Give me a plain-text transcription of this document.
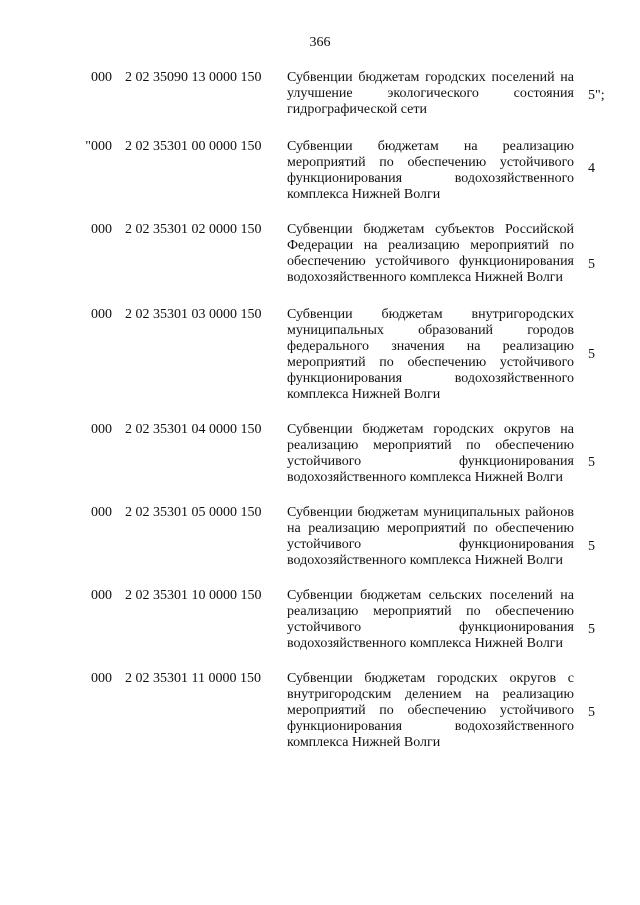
366
000 2 02 35090 13 0000 150
5";
Субвенции бюджетам городских поселений на улучшение экологического состояния гидрографической сети
"000 2 02 35301 00 0000 150
4
Субвенции бюджетам на реализацию мероприятий по обеспечению устойчивого функционирования водохозяйственного комплекса Нижней Волги
000 2 02 35301 02 0000 150
5
Субвенции бюджетам субъектов Российской Федерации на реализацию мероприятий по обеспечению устойчивого функционирования водохозяйственного комплекса Нижней Волги
000 2 02 35301 03 0000 150
5
Субвенции бюджетам внутригородских муниципальных образований городов федерального значения на реализацию мероприятий по обеспечению устойчивого функционирования водохозяйственного комплекса Нижней Волги
000 2 02 35301 04 0000 150
5
Субвенции бюджетам городских округов на реализацию мероприятий по обеспечению устойчивого функционирования водохозяйственного комплекса Нижней Волги
000 2 02 35301 05 0000 150
5
Субвенции бюджетам муниципальных районов на реализацию мероприятий по обеспечению устойчивого функционирования водохозяйственного комплекса Нижней Волги
000 2 02 35301 10 0000 150
5
Субвенции бюджетам сельских поселений на реализацию мероприятий по обеспечению устойчивого функционирования водохозяйственного комплекса Нижней Волги
000 2 02 35301 11 0000 150
5
Субвенции бюджетам городских округов с внутригородским делением на реализацию мероприятий по обеспечению устойчивого функционирования водохозяйственного комплекса Нижней Волги
